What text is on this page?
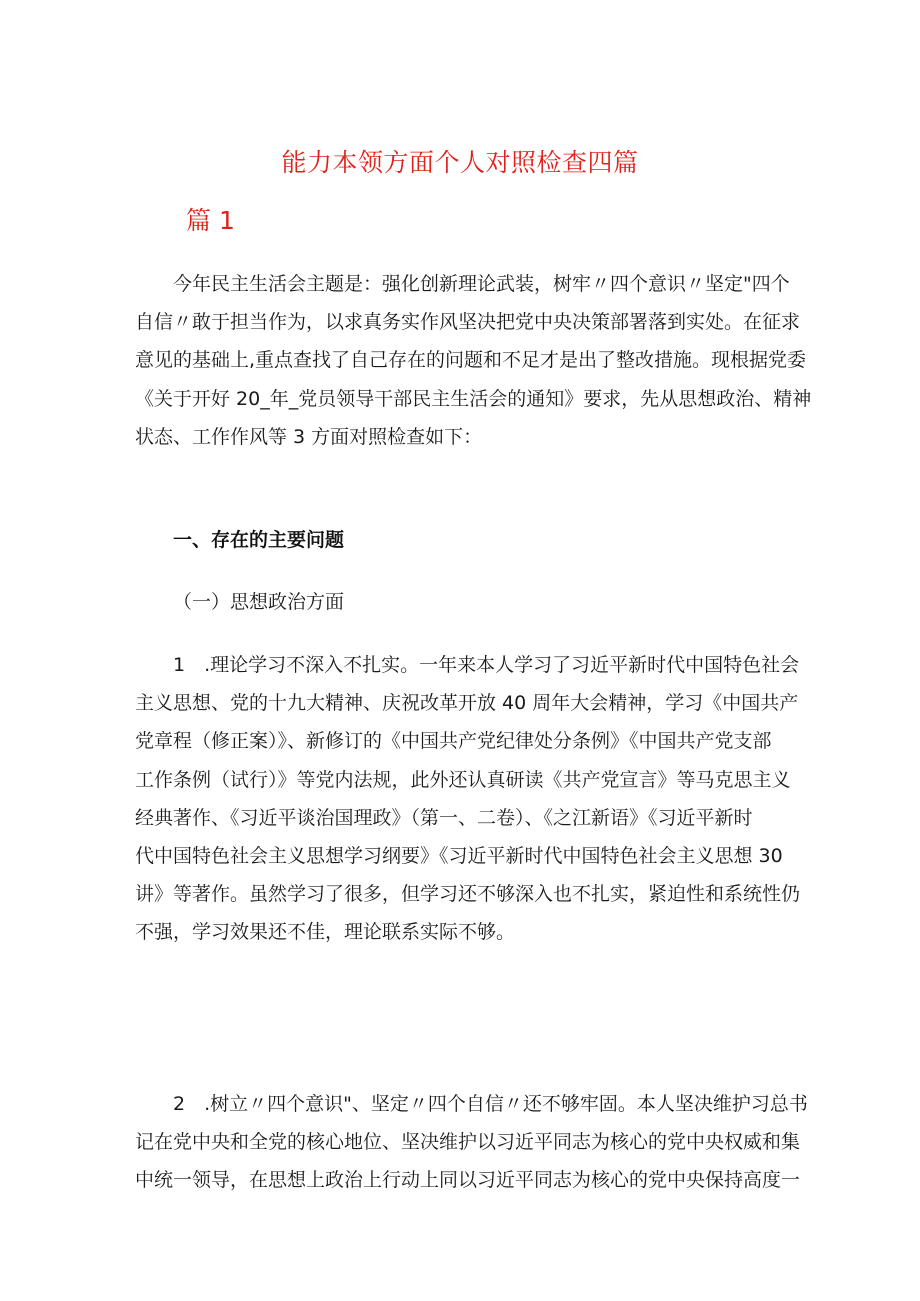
能力本领方面个人对照检查四篇
篇 1
今年民主生活会主题是：强化创新理论武装，树牢〃四个意识〃坚定"四个
自信〃敢于担当作为，以求真务实作风坚决把党中央决策部署落到实处。在征求
意见的基础上,重点查找了自己存在的问题和不足才是出了整改措施。现根据党委
《关于开好 20_年_党员领导干部民主生活会的通知》要求，先从思想政治、精神
状态、工作作风等 3 方面对照检查如下：
一、存在的主要问题
（一）思想政治方面
1　.理论学习不深入不扎实。一年来本人学习了习近平新时代中国特色社会
主义思想、党的十九大精神、庆祝改革开放 40 周年大会精神，学习《中国共产
党章程（修正案）》、新修订的《中国共产党纪律处分条例》《中国共产党支部
工作条例（试行）》等党内法规，此外还认真研读《共产党宣言》等马克思主义
经典著作、《习近平谈治国理政》（第一、二卷）、《之江新语》《习近平新时
代中国特色社会主义思想学习纲要》《习近平新时代中国特色社会主义思想 30
讲》等著作。虽然学习了很多，但学习还不够深入也不扎实，紧迫性和系统性仍
不强，学习效果还不佳，理论联系实际不够。
2　.树立〃四个意识"、坚定〃四个自信〃还不够牢固。本人坚决维护习总书
记在党中央和全党的核心地位、坚决维护以习近平同志为核心的党中央权威和集
中统一领导，在思想上政治上行动上同以习近平同志为核心的党中央保持高度一
